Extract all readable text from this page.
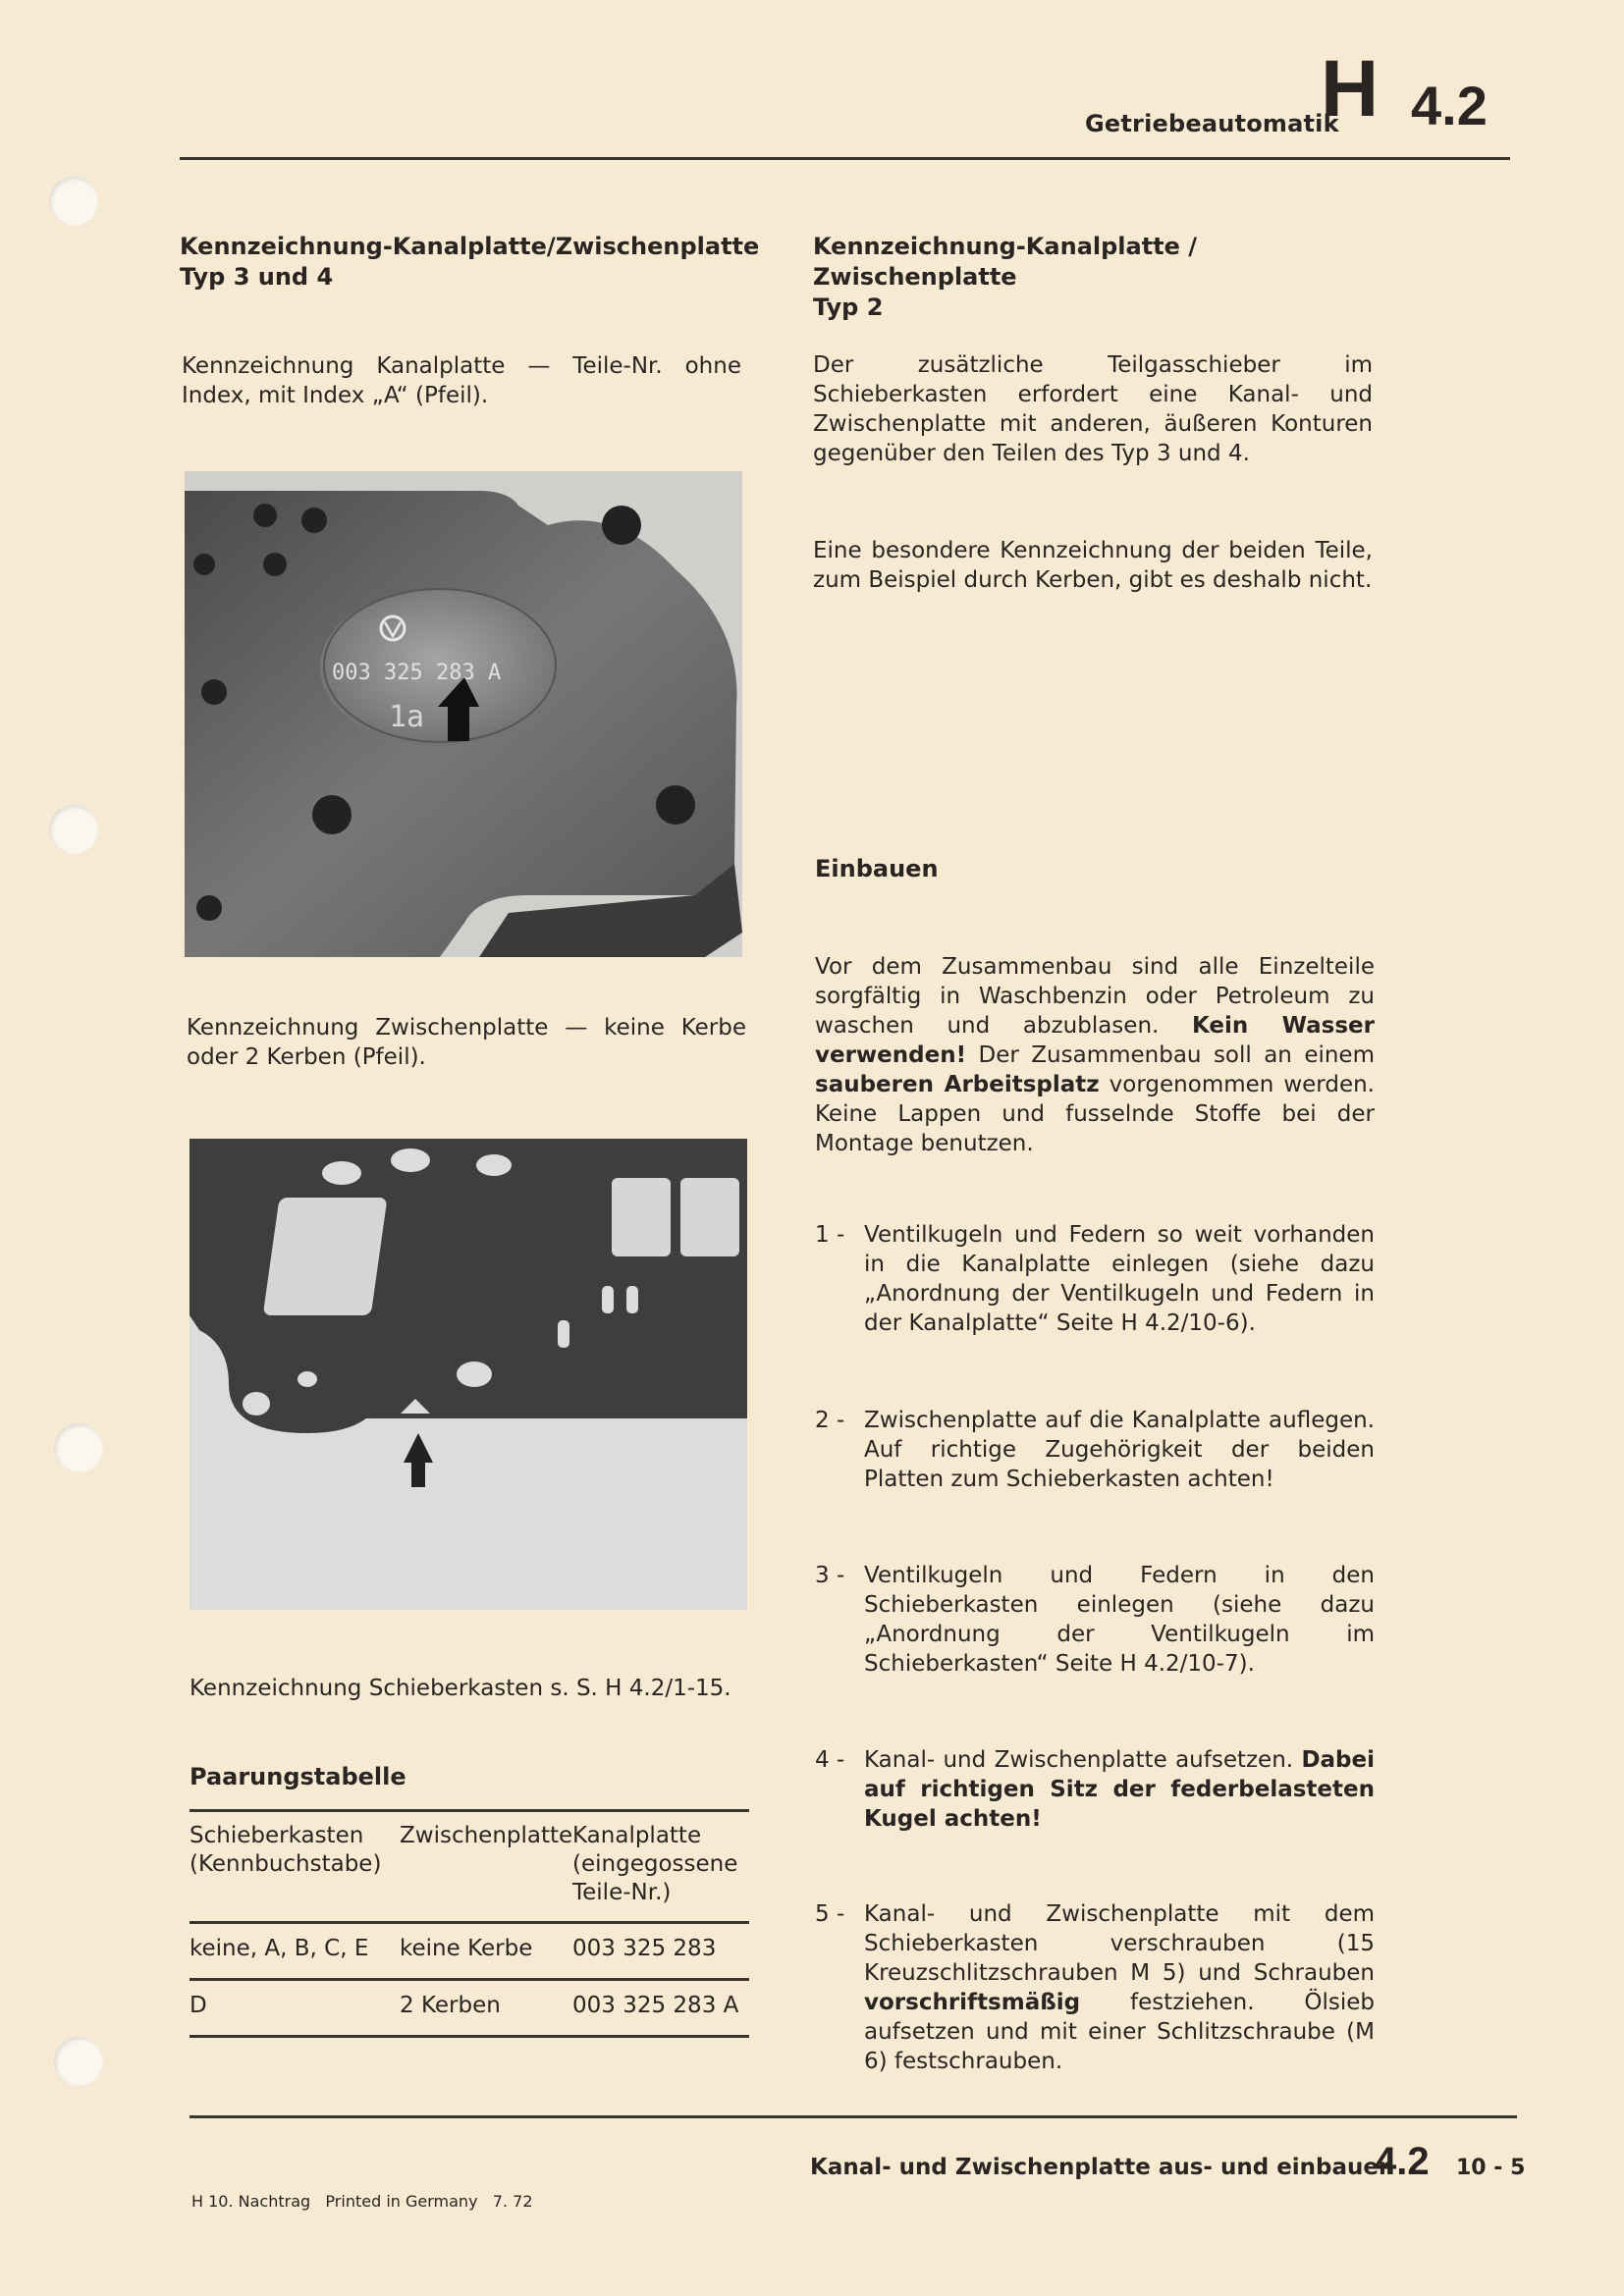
Getriebeautomatik
H 4.2
Kennzeichnung-Kanalplatte/Zwischenplatte
Typ 3 und 4
Kennzeichnung Kanalplatte — Teile-Nr. ohne Index, mit Index „A“ (Pfeil).
003 325 283 A
1a
Kennzeichnung Zwischenplatte — keine Kerbe oder 2 Kerben (Pfeil).
Kennzeichnung Schieberkasten s. S. H 4.2/1-15.
Paarungstabelle
Schieberkasten
(Kennbuchstabe)
Zwischenplatte Kanalplatte
(eingegossene
Teile-Nr.)
keine, A, B, C, E keine Kerbe 003 325 283
D	2 Kerben	003 325 283 A
Kennzeichnung-Kanalplatte / Zwischenplatte
Typ 2
Der zusätzliche Teilgasschieber im Schieberkasten erfordert eine Kanal- und Zwischenplatte mit anderen, äußeren Konturen gegenüber den Teilen des Typ 3 und 4.
Eine besondere Kennzeichnung der beiden Teile, zum Beispiel durch Kerben, gibt es deshalb nicht.
Einbauen
Vor dem Zusammenbau sind alle Einzelteile sorgfältig in Waschbenzin oder Petroleum zu waschen und abzublasen. Kein Wasser verwenden! Der Zusammenbau soll an einem sauberen Arbeitsplatz vorgenommen werden. Keine Lappen und fusselnde Stoffe bei der Montage benutzen.
1 - Ventilkugeln und Federn so weit vorhanden in die Kanalplatte einlegen (siehe dazu „Anordnung der Ventilkugeln und Federn in der Kanalplatte“ Seite H 4.2/10-6).
2 - Zwischenplatte auf die Kanalplatte auflegen. Auf richtige Zugehörigkeit der beiden Platten zum Schieberkasten achten!
3 - Ventilkugeln und Federn in den Schieberkasten einlegen (siehe dazu „Anordnung der Ventilkugeln im Schieberkasten“ Seite H 4.2/10-7).
4 - Kanal- und Zwischenplatte aufsetzen. Dabei auf richtigen Sitz der federbelasteten Kugel achten!
5 - Kanal- und Zwischenplatte mit dem Schieberkasten verschrauben (15 Kreuzschlitzschrauben M 5) und Schrauben vorschriftsmäßig festziehen. Ölsieb aufsetzen und mit einer Schlitzschraube (M 6) festschrauben.
Kanal- und Zwischenplatte aus- und einbauen
4.2 10 - 5
H 10. Nachtrag   Printed in Germany   7. 72
